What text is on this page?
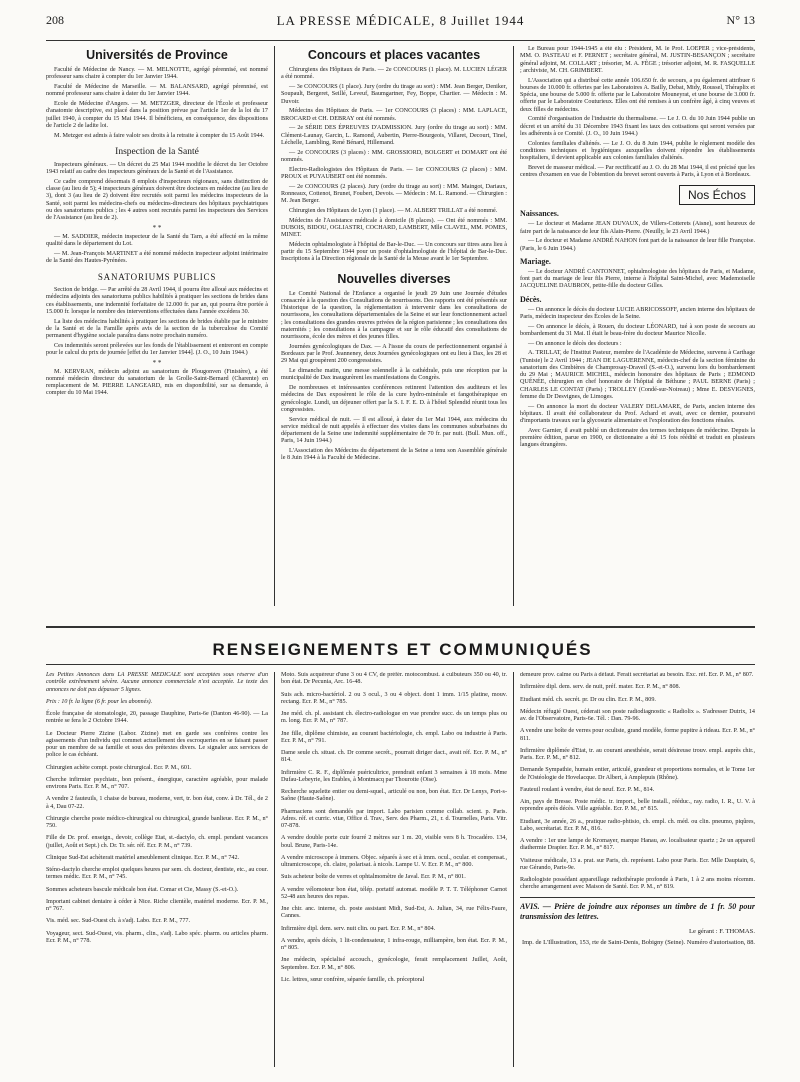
208	LA PRESSE MÉDICALE, 8 Juillet 1944	N° 13
Universités de Province

Faculté de Médecine de Nancy. — M. MELNOTTE, agrégé pérennisé, est nommé professeur sans chaire à compter du 1er Janvier 1944.

Faculté de Médecine de Marseille. — M. BALANSARD, agrégé pérennisé, est nommé professeur sans chaire à dater du 1er Janvier 1944.

Ecole de Médecine d'Angers. — M. METZGER, directeur de l'École et professeur d'anatomie descriptive, est placé dans la position prévue par l'article 1er de la loi du 17 juillet 1940, à compter du 15 Mai 1944. Il bénéficiera, en conséquence, des dispositions de l'article 2 de ladite loi.

M. Metzger est admis à faire valoir ses droits à la retraite à compter du 15 Août 1944.

Inspection de la Santé

Inspecteurs généraux. — Un décret du 25 Mai 1944 modifie le décret du 1er Octobre 1943 relatif au cadre des inspecteurs généraux de la Santé et de l'Assistance.

Ce cadre comprend désormais 8 emplois d'inspecteurs régionaux, sans distinction de classe (au lieu de 5); 4 inspecteurs généraux doivent être docteurs en médecine (au lieu de 3), dont 3 (au lieu de 2) doivent être recrutés soit parmi les médecins inspecteurs de la Santé, soit parmi les médecins-chefs ou médecins-directeurs des hôpitaux psychiatriques ou des sanatoriums publics ; les 4 autres sont recrutés parmi les inspecteurs des Services de l'Assistance (au lieu de 2).

* *

— M. SADDIER, médecin inspecteur de la Santé du Tarn, a été affecté en la même qualité dans le département du Lot.

— M. Jean-François MARTINET a été nommé médecin inspecteur adjoint intérimaire de la Santé des Hautes-Pyrénées.

SANATORIUMS PUBLICS

Section de bridge. — Par arrêté du 28 Avril 1944, il pourra être alloué aux médecins et médecins adjoints des sanatoriums publics habilités à pratiquer les sections de brides dans ces établissements, une indemnité forfaitaire de 12.000 fr. par an, qui pourra être portée à 15.000 fr. lorsque le nombre des interventions effectuées dans l'année excédera 30.

La liste des médecins habilités à pratiquer les sections de brides établie par le ministre de la Santé et de la Famille après avis de la section de la tuberculose du Comité permanent d'hygiène sociale paraîtra dans notre prochain numéro.

Ces indemnités seront prélevées sur les fonds de l'établissement et entreront en compte pour le calcul du prix de journée [effet du 1er Janvier 1944]. (J. O., 10 Juin 1944.)

* *

M. KERVRAN, médecin adjoint au sanatorium de Plougonven (Finistère), a été nommé médecin directeur du sanatorium de la Grolle-Saint-Bernard (Charente) en remplacement de M. PIERRE LANGEARD, mis en disponibilité, sur sa demande, à compter du 10 Mai 1944.

Concours et places vacantes

Chirurgiens des Hôpitaux de Paris. — 2e CONCOURS (1 place). M. LUCIEN LÉGER a été nommé.

— 3e CONCOURS (1 place). Jury (ordre du tirage au sort) : MM. Jean Berger, Deniker, Soupault, Bergeret, Seillé, Leveuf, Baumgartner, Fey, Boppe, Chartier. — Médecin : M. Duvoir.

Médecins des Hôpitaux de Paris. — 1er CONCOURS (3 places) : MM. LAPLACE, BROCARD et CH. DEBRAY ont été nommés.

— 2e SÉRIE DES ÉPREUVES D'ADMISSION. Jury (ordre du tirage au sort) : MM. Clément-Launay, Garcin, L. Ramond, Aubertin, Pierre-Bourgeois, Villaret, Decourt, Tinel, Léchelle, Lambling, René Bénard, Hillemand.

— 2e CONCOURS (3 places) : MM. GROSSIORD, BOLGERT et DOMART ont été nommés.

Electro-Radiologistes des Hôpitaux de Paris. — 1er CONCOURS (2 places) : MM. PROUX et PUYAUBERT ont été nommés.

— 2e CONCOURS (2 places). Jury (ordre du tirage au sort) : MM. Maingot, Dariaux, Ronneaux, Cottenot, Brunet, Foubert, Devois. — Médecin : M. L. Ramond. — Chirurgien : M. Jean Berger.

Chirurgien des Hôpitaux de Lyon (1 place). — M. ALBERT TRILLAT a été nommé.

Médecins de l'Assistance médicale à domicile (8 places). — Ont été nommés : MM. DUBOIS, BIDOU, OGLIASTRI, COCHARD, LAMBERT, Mlle CLAVEL, MM. POMES, MINET.

Médecin ophtalmologiste à l'hôpital de Bar-le-Duc. — Un concours sur titres aura lieu à partir du 15 Septembre 1944 pour un poste d'ophtalmologiste de l'hôpital de Bar-le-Duc. Inscriptions à la Direction régionale de la Santé de la Meuse avant le 1er Septembre.

Nouvelles diverses

Le Comité National de l'Enfance a organisé le jeudi 29 Juin une Journée d'études consacrée à la question des Consultations de nourrissons. Des rapports ont été présentés sur l'historique de la question, la réglementation à intervenir dans les consultations de nourrissons, les consultations départementales de la Seine et sur leur fonctionnement actuel ; les consultations des grandes œuvres privées de la région parisienne ; les consultations des maternités ; les consultations à la campagne et sur le rôle éducatif des consultations de nourrissons, école des mères et des jeunes filles.

Journées gynécologiques de Dax. — A l'issue du cours de perfectionnement organisé à Bordeaux par le Prof. Jeanneney, deux Journées gynécologiques ont eu lieu à Dax, les 28 et 29 Mai qui groupèrent 200 congressistes.

Le dimanche matin, une messe solennelle à la cathédrale, puis une réception par la municipalité de Dax inaugurèrent les manifestations du Congrès.

De nombreuses et intéressantes conférences retinrent l'attention des auditeurs et les médecins de Dax exposèrent le rôle de la cure hydro-minérale et fangothérapique en gynécologie. Lundi, un déjeuner offert par la S. I. F. E. D. à l'hôtel Splendid réunit tous les congressistes.

Service médical de nuit. — Il est alloué, à dater du 1er Mai 1944, aux médecins du service médical de nuit appelés à effectuer des visites dans les communes suburbaines du département de la Seine une indemnité supplémentaire de 70 fr. par nuit. (Bull. Mun. off., Paris, 14 Juin 1944.)

L'Association des Médecins du département de la Seine a tenu son Assemblée générale le 8 Juin 1944 à la Faculté de Médecine.

Le Bureau pour 1944-1945 a été élu : Président, M. le Prof. LOEPER ; vice-présidents, MM. O. PASTEAU et F. PERNET ; secrétaire général, M. JUSTIN-BESANÇON ; secrétaire général adjoint, M. COLLART ; trésorier, M. A. FÈGE ; trésorier adjoint, M. R. FASQUELLE ; archiviste, M. CH. GRIMBERT.

L'Association qui a distribué cette année 106.650 fr. de secours, a pu également attribuer 6 bourses de 10.000 fr. offertes par les Laboratoires A. Bailly, Debat, Midy, Roussel, Théraplix et Spécia, une bourse de 5.000 fr. offerte par le Laboratoire Mouneyrat, et une bourse de 3.000 fr. offerte par le Laboratoire Couturieux. Elles ont été remises à un confrère âgé, à cinq veuves et deux filles de médecins.

Comité d'organisation de l'industrie du thermalisme. — Le J. O. du 10 Juin 1944 publie un décret et un arrêté du 31 Décembre 1943 fixant les taux des cotisations qui seront versées par les adhérents à ce Comité. (J. O., 10 Juin 1944.)

Colonies familiales d'aliénés. — Le J. O. du 8 Juin 1944, publie le règlement modèle des conditions techniques et hygiéniques auxquelles doivent répondre les établissements hospitaliers, il devient applicable aux colonies familiales d'aliénés.

Brevet de masseur médical. — Par rectificatif au J. O. du 28 Mai 1944, il est précisé que les centres d'examen en vue de l'obtention du brevet seront ouverts à Paris, à Lyon et à Bordeaux.

Nos Échos
Naissances.

— Le docteur et Madame JEAN DUVAUX, de Villers-Cotterets (Aisne), sont heureux de faire part de la naissance de leur fils Alain-Pierre. (Neuilly, le 23 Avril 1944.)

— Le docteur et Madame ANDRÉ NAHON font part de la naissance de leur fille Françoise. (Paris, le 6 Juin 1944.)

Mariage.

— Le docteur ANDRÉ CANTONNET, ophtalmologiste des hôpitaux de Paris, et Madame, font part du mariage de leur fils Pierre, interne à l'hôpital Saint-Michel, avec Mademoiselle JACQUELINE DAUBRON, petite-fille du docteur Gilles.

Décès.

— On annonce le décès du docteur LUCIE ABRICOSSOFF, ancien interne des hôpitaux de Paris, médecin inspecteur des Écoles de la Seine.

— On annonce le décès, à Rouen, du docteur LÉONARD, tué à son poste de secours au bombardement du 31 Mai. Il était le beau-frère du docteur Maurice Nicolle.

— On annonce le décès des docteurs :

A. TRILLAT, de l'Institut Pasteur, membre de l'Académie de Médecine, survenu à Carthage (Tunisie) le 2 Avril 1944 ; JEAN DE LAGUERENNE, médecin-chef de la section féminine du sanatorium des Cimbières de Champrosay-Draveil (S.-et-O.), survenu lors du bombardement du 29 Mai ; MAURICE MICHEL, médecin honoraire des hôpitaux de Paris ; EDMOND QUÉNÉE, chirurgien en chef honoraire de l'hôpital de Béthune ; PAUL BERNE (Paris) ; CHARLES LE CONTAT (Paris) ; TROLLEY (Condé-sur-Noireau) ; Mme E. DESVIGNES, femme du Dr Desvignes, de Limoges.

— On annonce la mort du docteur VALERY DELAMARE, de Paris, ancien interne des hôpitaux. Il avait été collaborateur du Prof. Achard et avait, avec ce dernier, poursuivi d'importants travaux sur la glycosurie alimentaire et l'exploration des fonctions rénales.

Avec Garnier, il avait publié un dictionnaire des termes techniques de médecine. Depuis la première édition, parue en 1900, ce dictionnaire a été 15 fois réédité et traduit en plusieurs langues étrangères.

RENSEIGNEMENTS ET COMMUNIQUÉS

Les Petites Annonces dans LA PRESSE MÉDICALE sont acceptées sous réserve d'un contrôle extrêmement sévère. Aucune annonce commerciale n'est acceptée. Le texte des annonces ne doit pas dépasser 5 lignes.

Prix : 10 fr. la ligne (6 fr. pour les abonnés).

École française de stomatologie, 20, passage Dauphine, Paris-6e (Danton 46-90). — La rentrée se fera le 2 Octobre 1944.

Le Docteur Pierre Zizine (Labor. Zizine) met en garde ses confrères contre les agissements d'un individu qui commet actuellement des escroqueries en se faisant passer pour un membre de sa famille et sous des prétextes divers. Le signaler aux services de police le cas échéant.

Chirurgien achète compt. poste chirurgical. Ecr. P. M., 601.

Cherche infirmier psychiatr., bon présent., énergique, caractère agréable, pour malade environs Paris. Ecr. P. M., n° 707.

A vendre 2 fauteuils, 1 chaise de bureau, moderne, vert, tr. bon état, conv. à Dr. Tél., de 2 à 4, Dau 07-22.

Chirurgie cherche poste médico-chirurgical ou chirurgical, grande banlieue. Ecr. P. M., n° 750.

Fille de Dr. prof. enseign., devoir, collège Etat, st.-dactylo, ch. empl. pendant vacances (juillet, Août et Sept.) ch. Dr. Tr. sér. réf. Ecr. P. M., n° 739.

Clinique Sud-Est achèterait matériel ameublement clinique. Ecr. P. M., n° 742.

Sténo-dactylo cherche emploi quelques heures par sem. ch. docteur, dentiste, etc., au cour. termes médic. Ecr. P. M., n° 745.

Sommes acheteurs bascule médicale bon état. Comar et Cie, Massy (S.-et-O.).

Important cabinet dentaire à céder à Nice. Riche clientèle, matériel moderne. Ecr. P. M., n° 767.

Vis. méd. sec. Sud-Ouest ch. à s'adj. Labo. Ecr. P. M., 777.

Voyageur, sect. Sud-Ouest, vis. pharm., clin., s'adj. Labo spéc. pharm. ou articles pharm. Ecr. P. M., n° 778.

Moto. Suis acquéreur d'une 3 ou 4 CV, de préfér. motocombust. à culbuteurs 350 ou 40, tr. bon état. Dr Pecunia, Arc. 16-48.

Suis ach. micro-bactériol. 2 ou 3 ocul., 3 ou 4 object. dont 1 imm. 1/15 platine, mouv. rectang. Ecr. P. M., n° 785.

Jne méd. ch. pl. assistant ch. électro-radiologue en vue prendre succ. ds un temps plus ou m. long. Ecr. P. M., n° 787.

Jne fille, diplôme chimiste, au courant bactériologie, ch. empl. Labo ou industrie à Paris. Ecr. P. M., n° 791.

Dame seule ch. situat. ch. Dr comme secrét., pourrait diriger dact., avait réf. Ecr. P. M., n° 814.

Infirmière C. R. F., diplômée puéricultrice, prendrait enfant 3 semaines à 18 mois. Mme Dufau-Lebeyrie, les Erables, à Montmacq par Thourotte (Oise).

Recherche squelette entier ou demi-squel., articulé ou non, bon état. Ecr. Dr Lenys, Port-s-Saône (Haute-Saône).

Pharmaciens sont demandés par import. Labo parisien comme collab. scient. p. Paris. Adres. réf. et curric. vitæ, Office d. Trav., Serv. des Pharm., 21, r. d. Tournelles, Paris. Vitr. 07-878.

A vendre double porte cuir fourré 2 mètres sur 1 m. 20, visible vers 8 h. Trocadéro. 134, boul. Brune, Paris-14e.

A vendre microscope à immers. Objec. séparés à sec et à imm. ocul., ocular. et compensat., ultramicroscope, ch. claire, polarisat. à nicols. Lampe U. V. Ecr. P. M., n° 800.

Suis acheteur boîte de verres et ophtalmomètre de Javal. Ecr. P. M., n° 801.

A vendre vélomoteur bon état, télép. portatif automat. modèle P. T. T. Téléphoner Carnot 52-48 aux heures des repas.

Jne chir. anc. interne, ch. poste assistant Midi, Sud-Est, A. Julian, 34, rue Félix-Faure, Cannes.

Infirmière dipl. dem. serv. nuit clin. ou part. Ecr. P. M., n° 804.

A vendre, après décès, 1 lit-condensateur, 1 infra-rouge, milliampère, bon état. Ecr. P. M., n° 805.

Jne médecin, spécialisé accouch., gynécologie, ferait remplacement Juillet, Août, Septembre. Ecr. P. M., n° 806.

Lic. lettres, sœur confrère, séparée famille, ch. préceptoral

demeure prov. calme ou Paris à défaut. Ferait secrétariat au besoin. Exc. réf. Ecr. P. M., n° 807.

Infirmière dipl. dem. serv. de nuit, préf. mater. Ecr. P. M., n° 808.

Etudiant méd. ch. secrét. pr. Dr ou clin. Ecr. P. M., 809.

Médecin réfugié Ouest, céderait son poste radiodiagnostic « Radiolix ». S'adresser Dutrix, 14 av. de l'Observatoire, Paris-6e. Tél. : Dan. 79-96.

A vendre une boîte de verres pour oculiste, grand modèle, forme pupitre à rideau. Ecr. P. M., n° 811.

Infirmière diplômée d'Etat, tr. au courant anesthésie, serait désireuse trouv. empl. auprès chir., Paris. Ecr. P. M., n° 812.

Demande Sympathie, humain entier, articulé, grandeur et proportions normales, et le Tome 1er de l'Ostéologie de Hovelacque. Dr Albert, à Amplepuis (Rhône).

Fauteuil roulant à vendre, état de neuf. Ecr. P. M., 814.

Ain, pays de Bresse. Poste médic. tr. import., belle install., rééduc., ray. radio, I. R., U. V. à reprendre après décès. Ville agréable. Ecr. P. M., n° 815.

Etudiant, 3e année, 26 a., pratique radio-phtisio, ch. empl. ch. méd. ou clin. pneumo, piqûres, Labo, secrétariat. Ecr. P. M., 816.

A vendre : 1er une lampe de Kromayer, marque Hanau, av. localisateur quartz ; 2e un appareil diathermie Drapier. Ecr. P. M., n° 817.

Visiteuse médicale, 13 a. prat. sur Paris, ch. représent. Labo pour Paris. Ecr. Mlle Dauptain, 6, rue Gérando, Paris-9e.

Radiologiste possédant appareillage radiothérapie profonde à Paris, 1 à 2 ans moins récemm. cherche arrangement avec Maison de Santé. Ecr. P. M., n° 819.

AVIS. — Prière de joindre aux réponses un timbre de 1 fr. 50 pour transmission des lettres.

Le gérant : F. THOMAS.

Imp. de L'Illustration, 153, rte de Saint-Denis, Bobigny (Seine). Numéro d'autorisation, 88.
